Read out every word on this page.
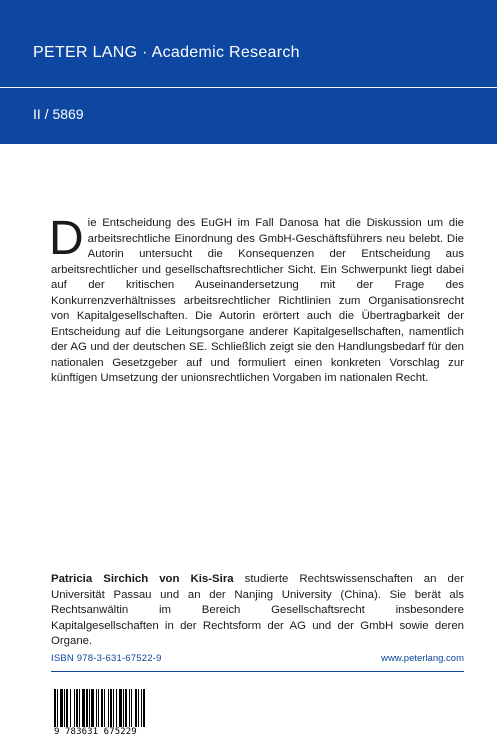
PETER LANG · Academic Research
II / 5869

Die Entscheidung des EuGH im Fall Danosa hat die Diskussion um die arbeitsrechtliche Einordnung des GmbH-Geschäftsführers neu belebt. Die Autorin untersucht die Konsequenzen der Entscheidung aus arbeitsrechtlicher und gesellschaftsrechtlicher Sicht. Ein Schwerpunkt liegt dabei auf der kritischen Auseinandersetzung mit der Frage des Konkurrenzverhältnisses arbeitsrechtlicher Richtlinien zum Organisationsrecht von Kapitalgesellschaften. Die Autorin erörtert auch die Übertragbarkeit der Entscheidung auf die Leitungsorgane anderer Kapitalgesellschaften, namentlich der AG und der deutschen SE. Schließlich zeigt sie den Handlungsbedarf für den nationalen Gesetzgeber auf und formuliert einen konkreten Vorschlag zur künftigen Umsetzung der unionsrechtlichen Vorgaben im nationalen Recht.

Patricia Sirchich von Kis-Sira studierte Rechtswissenschaften an der Universität Passau und an der Nanjing University (China). Sie berät als Rechtsanwältin im Bereich Gesellschaftsrecht insbesondere Kapitalgesellschaften in der Rechtsform der AG und der GmbH sowie deren Organe.

ISBN 978-3-631-67522-9	www.peterlang.com
9 783631 675229
